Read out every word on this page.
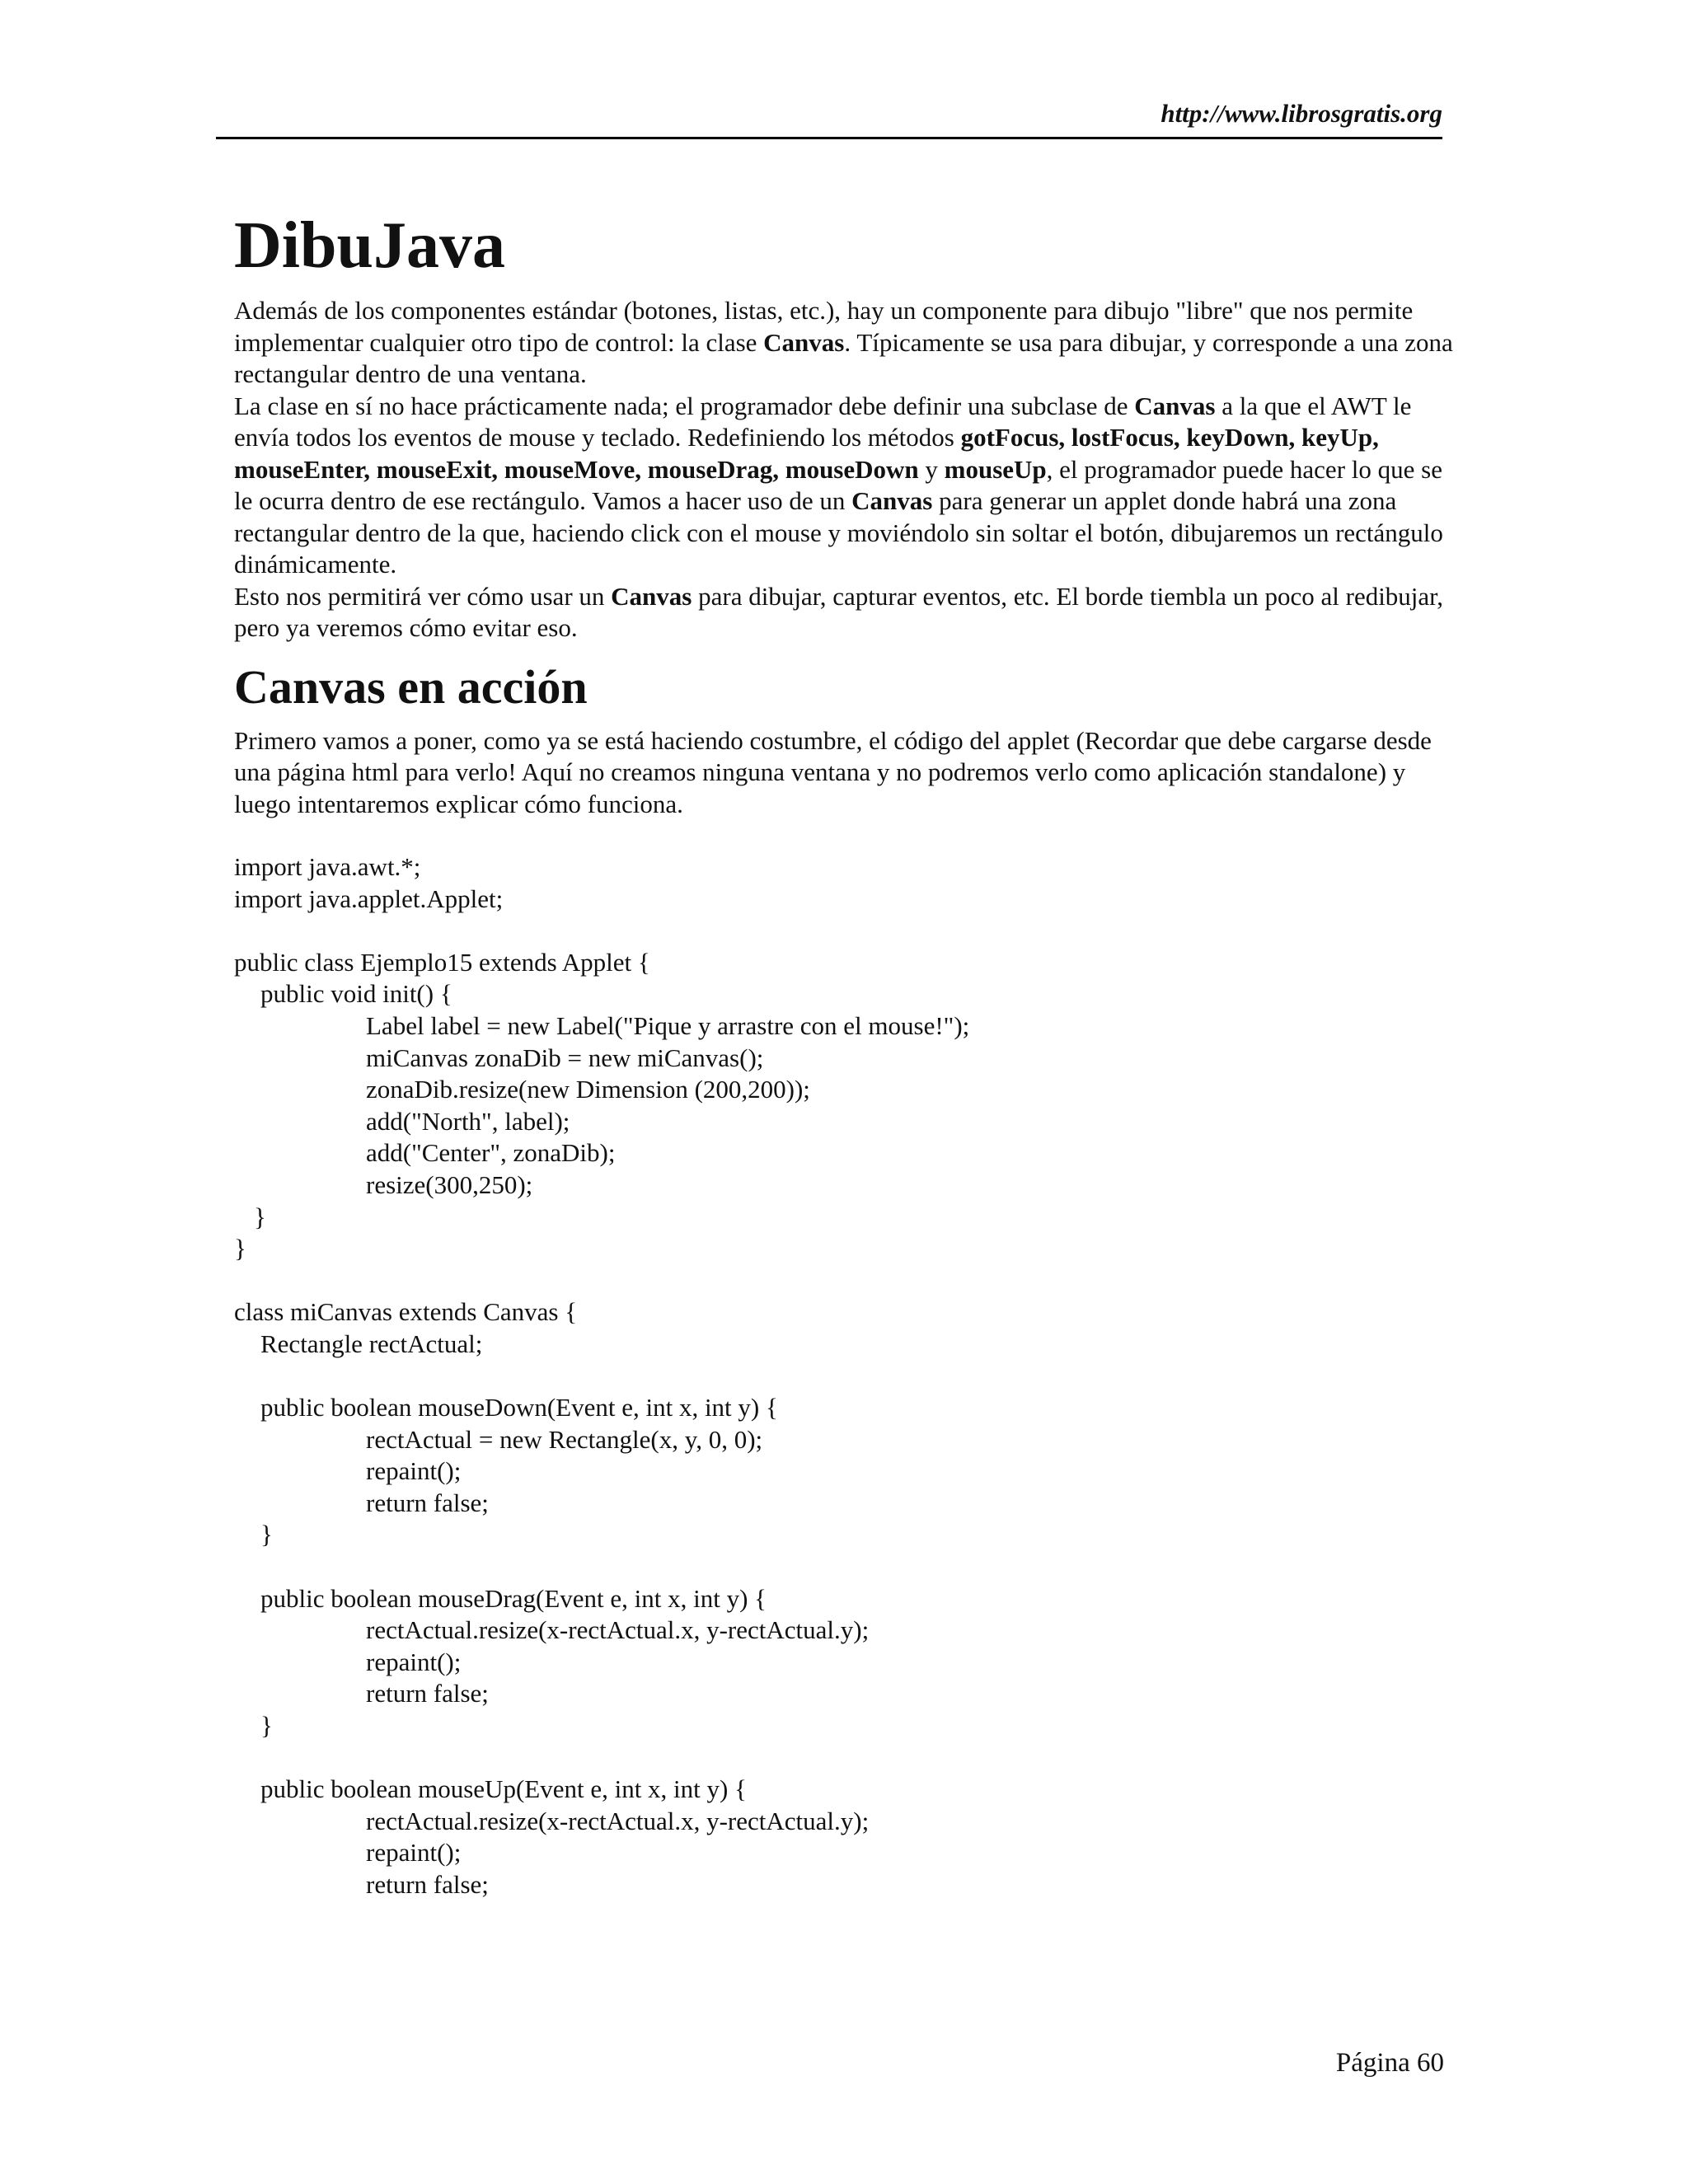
http://www.librosgratis.org
DibuJava

Además de los componentes estándar (botones, listas, etc.), hay un componente para dibujo "libre" que nos permite implementar cualquier otro tipo de control: la clase Canvas. Típicamente se usa para dibujar, y corresponde a una zona rectangular dentro de una ventana.

La clase en sí no hace prácticamente nada; el programador debe definir una subclase de Canvas a la que el AWT le envía todos los eventos de mouse y teclado. Redefiniendo los métodos gotFocus, lostFocus, keyDown, keyUp, mouseEnter, mouseExit, mouseMove, mouseDrag, mouseDown y mouseUp, el programador puede hacer lo que se le ocurra dentro de ese rectángulo. Vamos a hacer uso de un Canvas para generar un applet donde habrá una zona rectangular dentro de la que, haciendo click con el mouse y moviéndolo sin soltar el botón, dibujaremos un rectángulo dinámicamente.

Esto nos permitirá ver cómo usar un Canvas para dibujar, capturar eventos, etc. El borde tiembla un poco al redibujar, pero ya veremos cómo evitar eso.

Canvas en acción

Primero vamos a poner, como ya se está haciendo costumbre, el código del applet (Recordar que debe cargarse desde una página html para verlo! Aquí no creamos ninguna ventana y no podremos verlo como aplicación standalone) y luego intentaremos explicar cómo funciona.

import java.awt.*;
import java.applet.Applet;
public class Ejemplo15 extends Applet {
public void init() {
Label label = new Label("Pique y arrastre con el mouse!");
miCanvas zonaDib = new miCanvas();
zonaDib.resize(new Dimension (200,200));
add("North", label);
add("Center", zonaDib);
resize(300,250);
}
}
class miCanvas extends Canvas {
Rectangle rectActual;
public boolean mouseDown(Event e, int x, int y) {
rectActual = new Rectangle(x, y, 0, 0);
repaint();
return false;
}
public boolean mouseDrag(Event e, int x, int y) {
rectActual.resize(x-rectActual.x, y-rectActual.y);
repaint();
return false;
}
public boolean mouseUp(Event e, int x, int y) {
rectActual.resize(x-rectActual.x, y-rectActual.y);
repaint();
return false;
Página 60
